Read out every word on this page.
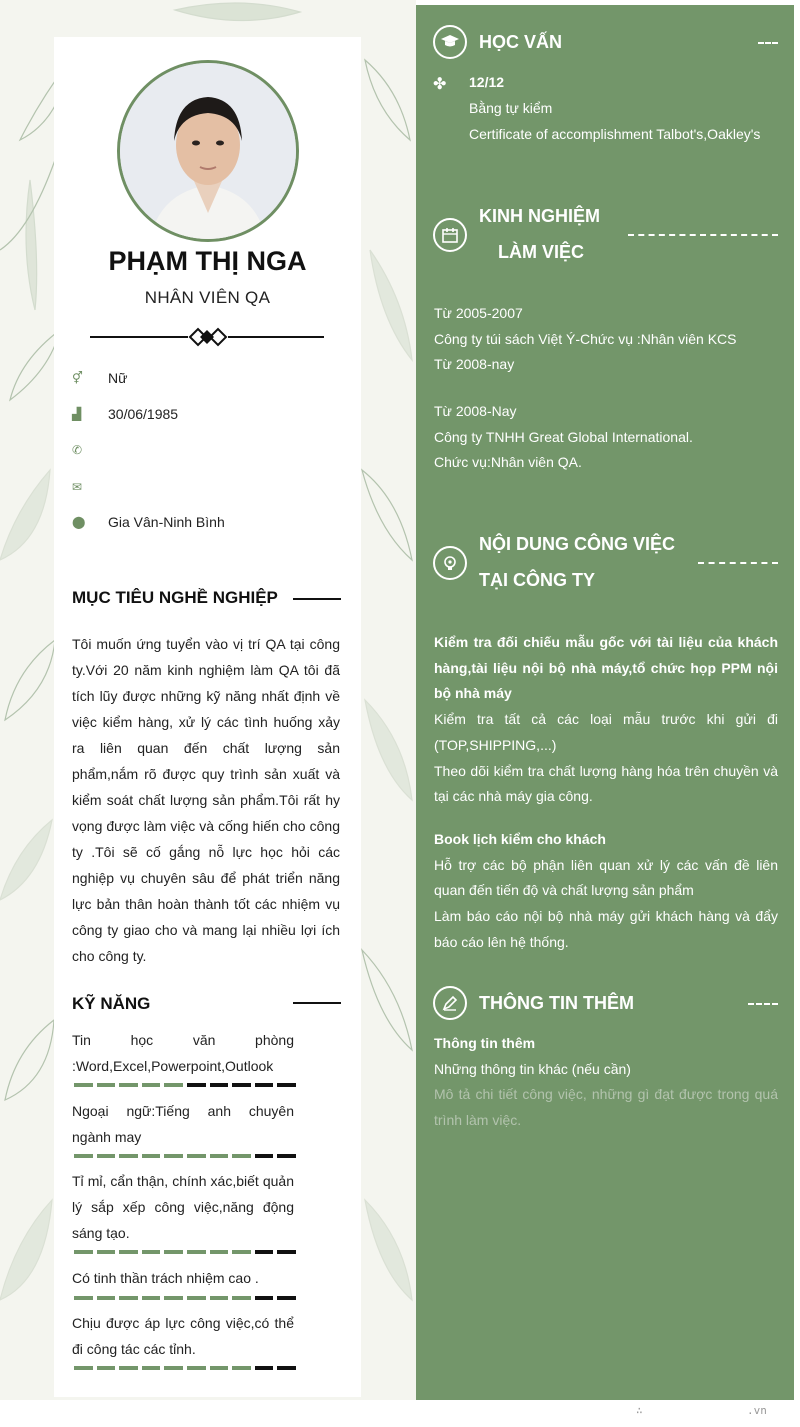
PHẠM THỊ NGA
NHÂN VIÊN QA
⚥	Nữ
▟	30/06/1985
✆
✉
⬤	Gia Vân-Ninh Bình
MỤC TIÊU NGHỀ NGHIỆP
Tôi muốn ứng tuyển vào vị trí QA tại công ty.Với 20 năm kinh nghiệm làm QA tôi đã tích lũy được những kỹ năng nhất định về việc kiểm hàng, xử lý các tình huống xảy ra liên quan đến chất lượng sản phẩm,nắm rõ được quy trình sản xuất và kiểm soát chất lượng sản phẩm.Tôi rất hy vọng được làm việc và cống hiến cho công ty .Tôi sẽ cố gắng nỗ lực học hỏi các nghiệp vụ chuyên sâu để phát triển năng lực bản thân hoàn thành tốt các nhiệm vụ công ty giao cho và mang lại nhiều lợi ích cho công ty.
KỸ NĂNG
Tin học văn phòng :Word,Excel,Powerpoint,Outlook
Ngoại ngữ:Tiếng anh chuyên ngành may
Tỉ mỉ, cẩn thận, chính xác,biết quản lý sắp xếp công việc,năng động sáng tạo.
Có tinh thần trách nhiệm cao .
Chịu được áp lực công việc,có thể đi công tác các tỉnh.
HỌC VẤN
✤ 12/12
Bằng tự kiểm
Certificate of accomplishment Talbot's,Oakley's
KINH NGHIỆM
LÀM VIỆC
Từ 2005-2007
Công ty túi sách Việt Ý-Chức vụ :Nhân viên KCS
Từ 2008-nay
Từ 2008-Nay
Công ty TNHH Great Global International.
Chức vụ:Nhân viên QA.
NỘI DUNG CÔNG VIỆC
TẠI CÔNG TY
Kiểm tra đối chiếu mẫu gốc với tài liệu của khách hàng,tài liệu nội bộ nhà máy,tổ chức họp PPM nội bộ nhà máy
Kiểm tra tất cả các loại mẫu trước khi gửi đi (TOP,SHIPPING,...)
Theo dõi kiểm tra chất lượng hàng hóa trên chuyền và tại các nhà máy gia công.
Book lịch kiểm cho khách
Hỗ trợ các bộ phận liên quan xử lý các vấn đề liên quan đến tiến độ và chất lượng sản phẩm
Làm báo cáo nội bộ nhà máy gửi khách hàng và đẩy báo cáo lên hệ thống.
THÔNG TIN THÊM
Thông tin thêm
Những thông tin khác (nếu cần)
Mô tả chi tiết công việc, những gì đạt được trong quá trình làm việc.
∴	.vn
